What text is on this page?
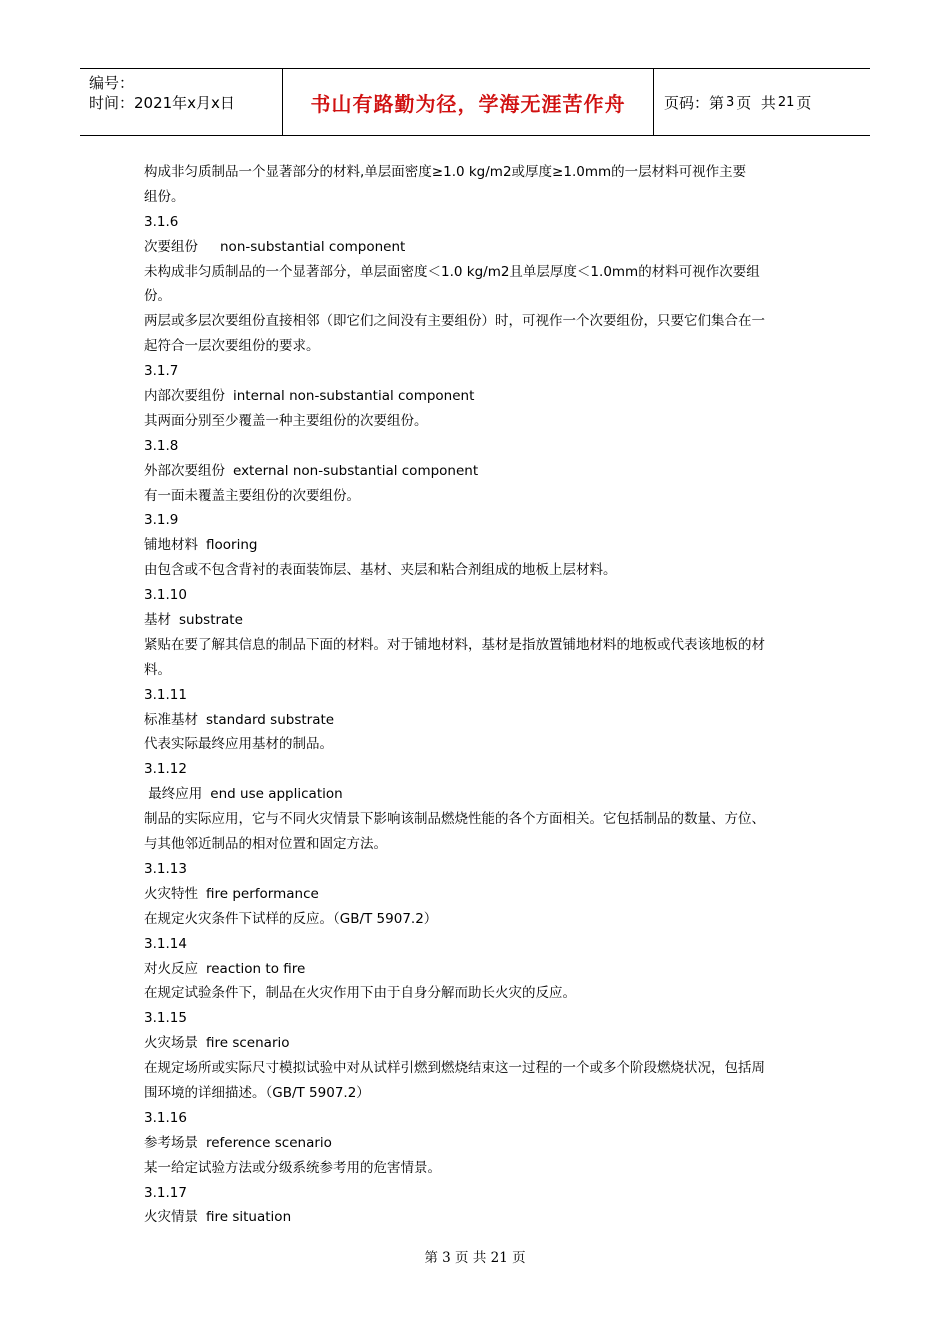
编号：
时间：2021年x月x日	书山有路勤为径，学海无涯苦作舟	页码：第 3 页  共 21 页
构成非匀质制品一个显著部分的材料,单层面密度≥1.0 kg/m2或厚度≥1.0mm的一层材料可视作主要
组份。
3.1.6
次要组份 non-substantial component
未构成非匀质制品的一个显著部分，单层面密度＜1.0 kg/m2且单层厚度＜1.0mm的材料可视作次要组
份。
两层或多层次要组份直接相邻（即它们之间没有主要组份）时，可视作一个次要组份，只要它们集合在一
起符合一层次要组份的要求。
3.1.7
内部次要组份 internal non-substantial component
其两面分别至少覆盖一种主要组份的次要组份。
3.1.8
外部次要组份 external non-substantial component
有一面未覆盖主要组份的次要组份。
3.1.9
铺地材料 flooring
由包含或不包含背衬的表面装饰层、基材、夹层和粘合剂组成的地板上层材料。
3.1.10
基材 substrate
紧贴在要了解其信息的制品下面的材料。对于铺地材料，基材是指放置铺地材料的地板或代表该地板的材
料。
3.1.11
标准基材 standard substrate
代表实际最终应用基材的制品。
3.1.12
最终应用 end use application
制品的实际应用，它与不同火灾情景下影响该制品燃烧性能的各个方面相关。它包括制品的数量、方位、
与其他邻近制品的相对位置和固定方法。
3.1.13
火灾特性 fire performance
在规定火灾条件下试样的反应。（GB/T 5907.2）
3.1.14
对火反应 reaction to fire
在规定试验条件下，制品在火灾作用下由于自身分解而助长火灾的反应。
3.1.15
火灾场景 fire scenario
在规定场所或实际尺寸模拟试验中对从试样引燃到燃烧结束这一过程的一个或多个阶段燃烧状况，包括周
围环境的详细描述。（GB/T 5907.2）
3.1.16
参考场景 reference scenario
某一给定试验方法或分级系统参考用的危害情景。
3.1.17
火灾情景 fire situation
第 3 页 共 21 页
